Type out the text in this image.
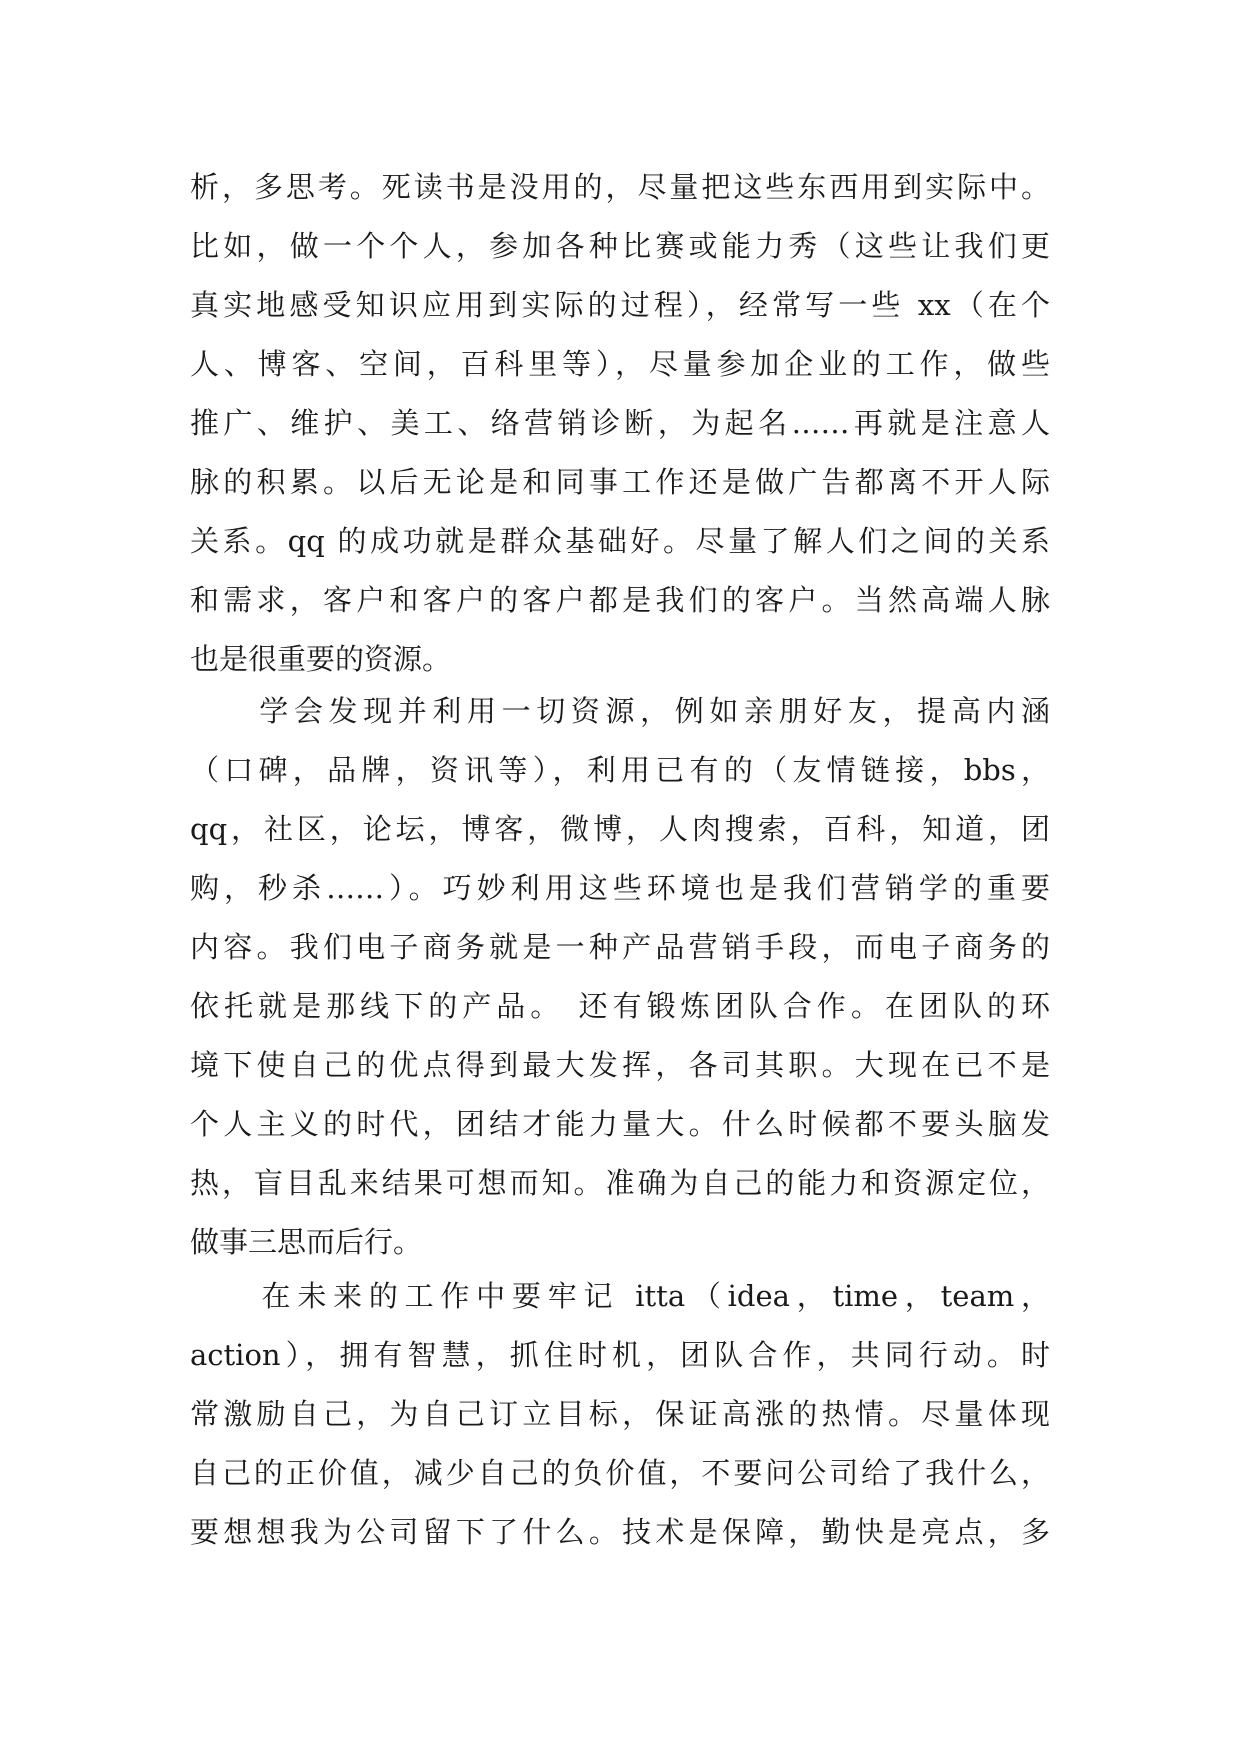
析，多思考。死读书是没用的，尽量把这些东西用到实际中。
比如，做一个个人，参加各种比赛或能力秀（这些让我们更
真实地感受知识应用到实际的过程），经常写一些 xx（在个
人、博客、空间，百科里等），尽量参加企业的工作，做些
推广、维护、美工、络营销诊断，为起名……再就是注意人
脉的积累。以后无论是和同事工作还是做广告都离不开人际
关系。qq 的成功就是群众基础好。尽量了解人们之间的关系
和需求，客户和客户的客户都是我们的客户。当然高端人脉
也是很重要的资源。
　　学会发现并利用一切资源，例如亲朋好友，提高内涵
（口碑，品牌，资讯等），利用已有的（友情链接，bbs，
qq，社区，论坛，博客，微博，人肉搜索，百科，知道，团
购，秒杀……）。巧妙利用这些环境也是我们营销学的重要
内容。我们电子商务就是一种产品营销手段，而电子商务的
依托就是那线下的产品。 还有锻炼团队合作。在团队的环
境下使自己的优点得到最大发挥，各司其职。大现在已不是
个人主义的时代，团结才能力量大。什么时候都不要头脑发
热，盲目乱来结果可想而知。准确为自己的能力和资源定位，
做事三思而后行。
　　在未来的工作中要牢记 itta（idea，time，team，
action），拥有智慧，抓住时机，团队合作，共同行动。时
常激励自己，为自己订立目标，保证高涨的热情。尽量体现
自己的正价值，减少自己的负价值，不要问公司给了我什么，
要想想我为公司留下了什么。技术是保障，勤快是亮点，多
